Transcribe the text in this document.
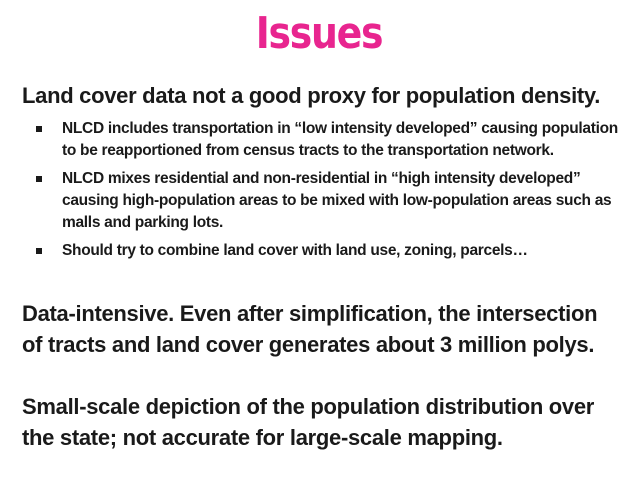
Issues
Land cover data not a good proxy for population density.
NLCD includes transportation in “low intensity developed” causing population to be reapportioned from census tracts to the transportation network.
NLCD mixes residential and non-residential in “high intensity developed” causing high-population areas to be mixed with low-population areas such as malls and parking lots.
Should try to combine land cover with land use, zoning, parcels…
Data-intensive. Even after simplification, the intersection of tracts and land cover generates about 3 million polys.
Small-scale depiction of the population distribution over the state; not accurate for large-scale mapping.
